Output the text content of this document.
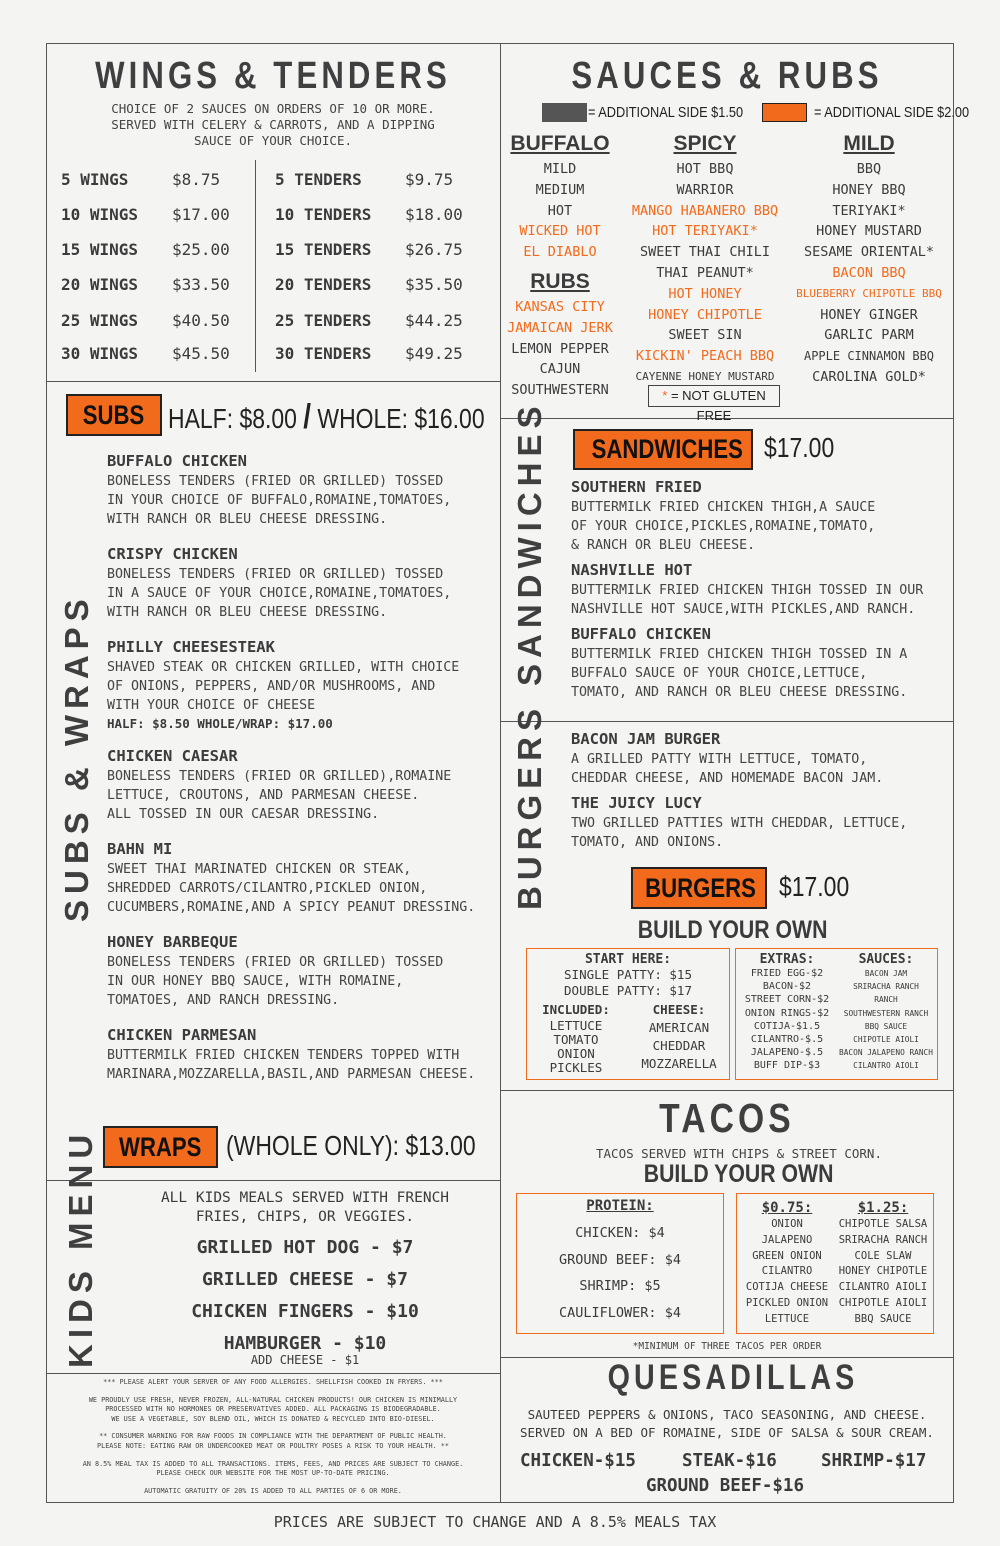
WINGS & TENDERS
CHOICE OF 2 SAUCES ON ORDERS OF 10 OR MORE.
SERVED WITH CELERY & CARROTS, AND A DIPPING
SAUCE OF YOUR CHOICE.
5 WINGS	$8.75
10 WINGS $17.00
15 WINGS $25.00
20 WINGS $33.50
25 WINGS $40.50
30 WINGS $45.50
5 TENDERS	$9.75
10 TENDERS $18.00
15 TENDERS $26.75
20 TENDERS $35.50
25 TENDERS $44.25
30 TENDERS $49.25
SAUCES & RUBS
= ADDITIONAL SIDE $1.50	= ADDITIONAL SIDE $2.00
BUFFALO
MILD
MEDIUM
HOT
WICKED HOT
EL DIABLO
RUBS
KANSAS CITY
JAMAICAN JERK
LEMON PEPPER
CAJUN
SOUTHWESTERN
SPICY
HOT BBQ
WARRIOR
MANGO HABANERO BBQ
HOT TERIYAKI*
SWEET THAI CHILI
THAI PEANUT*
HOT HONEY
HONEY CHIPOTLE
SWEET SIN
KICKIN' PEACH BBQ
CAYENNE HONEY MUSTARD
MILD
BBQ
HONEY BBQ
TERIYAKI*
HONEY MUSTARD
SESAME ORIENTAL*
BACON BBQ
BLUEBERRY CHIPOTLE BBQ
HONEY GINGER
GARLIC PARM
APPLE CINNAMON BBQ
CAROLINA GOLD*
* = NOT GLUTEN FREE
SUBS HALF: $8.00 / WHOLE: $16.00
SUBS & WRAPS
BUFFALO CHICKEN
BONELESS TENDERS (FRIED OR GRILLED) TOSSED
IN YOUR CHOICE OF BUFFALO,ROMAINE,TOMATOES,
WITH RANCH OR BLEU CHEESE DRESSING.
CRISPY CHICKEN
BONELESS TENDERS (FRIED OR GRILLED) TOSSED
IN A SAUCE OF YOUR CHOICE,ROMAINE,TOMATOES,
WITH RANCH OR BLEU CHEESE DRESSING.
PHILLY CHEESESTEAK
SHAVED STEAK OR CHICKEN GRILLED, WITH CHOICE
OF ONIONS, PEPPERS, AND/OR MUSHROOMS, AND
WITH YOUR CHOICE OF CHEESE
HALF: $8.50 WHOLE/WRAP: $17.00
CHICKEN CAESAR
BONELESS TENDERS (FRIED OR GRILLED),ROMAINE
LETTUCE, CROUTONS, AND PARMESAN CHEESE.
ALL TOSSED IN OUR CAESAR DRESSING.
BAHN MI
SWEET THAI MARINATED CHICKEN OR STEAK,
SHREDDED CARROTS/CILANTRO,PICKLED ONION,
CUCUMBERS,ROMAINE,AND A SPICY PEANUT DRESSING.
HONEY BARBEQUE
BONELESS TENDERS (FRIED OR GRILLED) TOSSED
IN OUR HONEY BBQ SAUCE, WITH ROMAINE,
TOMATOES, AND RANCH DRESSING.
CHICKEN PARMESAN
BUTTERMILK FRIED CHICKEN TENDERS TOPPED WITH
MARINARA,MOZZARELLA,BASIL,AND PARMESAN CHEESE.
WRAPS (WHOLE ONLY): $13.00
SANDWICHES $17.00
SANDWICHES SOUTHERN FRIED
BUTTERMILK FRIED CHICKEN THIGH,A SAUCE
OF YOUR CHOICE,PICKLES,ROMAINE,TOMATO,
& RANCH OR BLEU CHEESE.
NASHVILLE HOT
BUTTERMILK FRIED CHICKEN THIGH TOSSED IN OUR
NASHVILLE HOT SAUCE,WITH PICKLES,AND RANCH.
BUFFALO CHICKEN
BUTTERMILK FRIED CHICKEN THIGH TOSSED IN A
BUFFALO SAUCE OF YOUR CHOICE,LETTUCE,
TOMATO, AND RANCH OR BLEU CHEESE DRESSING.
BURGERS BACON JAM BURGER
A GRILLED PATTY WITH LETTUCE, TOMATO,
CHEDDAR CHEESE, AND HOMEMADE BACON JAM.
THE JUICY LUCY
TWO GRILLED PATTIES WITH CHEDDAR, LETTUCE,
TOMATO, AND ONIONS.
BURGERS $17.00
BUILD YOUR OWN
START HERE:
SINGLE PATTY: $15
DOUBLE PATTY: $17
INCLUDED:
LETTUCE
TOMATO
ONION
PICKLES
CHEESE:
AMERICAN
CHEDDAR
MOZZARELLA
EXTRAS:
FRIED EGG-$2
BACON-$2
STREET CORN-$2
ONION RINGS-$2
COTIJA-$1.5
CILANTRO-$.5
JALAPENO-$.5
BUFF DIP-$3
SAUCES:
BACON JAM
SRIRACHA RANCH
RANCH
SOUTHWESTERN RANCH
BBQ SAUCE
CHIPOTLE AIOLI
BACON JALAPENO RANCH
CILANTRO AIOLI
TACOS
TACOS SERVED WITH CHIPS & STREET CORN.
BUILD YOUR OWN
PROTEIN:
CHICKEN: $4
GROUND BEEF: $4
SHRIMP: $5
CAULIFLOWER: $4
$0.75:
ONION
JALAPENO
GREEN ONION
CILANTRO
COTIJA CHEESE
PICKLED ONION
LETTUCE
$1.25:
CHIPOTLE SALSA
SRIRACHA RANCH
COLE SLAW
HONEY CHIPOTLE
CILANTRO AIOLI
CHIPOTLE AIOLI
BBQ SAUCE
*MINIMUM OF THREE TACOS PER ORDER
KIDS MENU	ALL KIDS MEALS SERVED WITH FRENCH
FRIES, CHIPS, OR VEGGIES.
GRILLED HOT DOG - $7
GRILLED CHEESE - $7
CHICKEN FINGERS - $10
HAMBURGER - $10
ADD CHEESE - $1
*** PLEASE ALERT YOUR SERVER OF ANY FOOD ALLERGIES. SHELLFISH COOKED IN FRYERS. ***
WE PROUDLY USE FRESH, NEVER FROZEN, ALL-NATURAL CHICKEN PRODUCTS! OUR CHICKEN IS MINIMALLY
PROCESSED WITH NO HORMONES OR PRESERVATIVES ADDED. ALL PACKAGING IS BIODEGRADABLE.
WE USE A VEGETABLE, SOY BLEND OIL, WHICH IS DONATED & RECYCLED INTO BIO-DIESEL.
** CONSUMER WARNING FOR RAW FOODS IN COMPLIANCE WITH THE DEPARTMENT OF PUBLIC HEALTH.
PLEASE NOTE: EATING RAW OR UNDERCOOKED MEAT OR POULTRY POSES A RISK TO YOUR HEALTH. **
AN 8.5% MEAL TAX IS ADDED TO ALL TRANSACTIONS. ITEMS, FEES, AND PRICES ARE SUBJECT TO CHANGE.
PLEASE CHECK OUR WEBSITE FOR THE MOST UP-TO-DATE PRICING.
AUTOMATIC GRATUITY OF 20% IS ADDED TO ALL PARTIES OF 6 OR MORE.
QUESADILLAS
SAUTEED PEPPERS & ONIONS, TACO SEASONING, AND CHEESE.
SERVED ON A BED OF ROMAINE, SIDE OF SALSA & SOUR CREAM.
CHICKEN-$15	STEAK-$16	SHRIMP-$17
GROUND BEEF-$16
PRICES ARE SUBJECT TO CHANGE AND A 8.5% MEALS TAX
